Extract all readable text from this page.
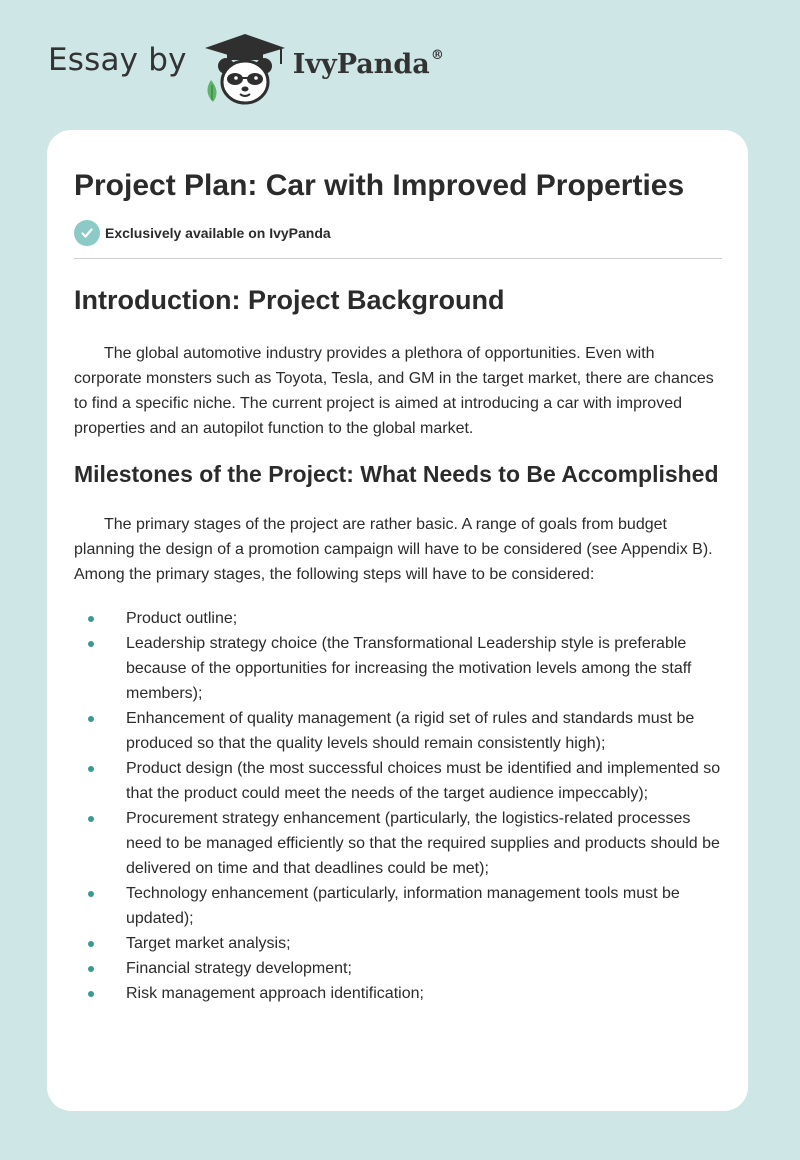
Essay by	IvyPanda®
Project Plan: Car with Improved Properties
Exclusively available on IvyPanda
Introduction: Project Background

The global automotive industry provides a plethora of opportunities. Even with corporate monsters such as Toyota, Tesla, and GM in the target market, there are chances to find a specific niche. The current project is aimed at introducing a car with improved properties and an autopilot function to the global market.

Milestones of the Project: What Needs to Be Accomplished

The primary stages of the project are rather basic. A range of goals from budget planning the design of a promotion campaign will have to be considered (see Appendix B). Among the primary stages, the following steps will have to be considered:

Product outline;
Leadership strategy choice (the Transformational Leadership style is preferable because of the opportunities for increasing the motivation levels among the staff members);
Enhancement of quality management (a rigid set of rules and standards must be produced so that the quality levels should remain consistently high);
Product design (the most successful choices must be identified and implemented so that the product could meet the needs of the target audience impeccably);
Procurement strategy enhancement (particularly, the logistics-related processes need to be managed efficiently so that the required supplies and products should be delivered on time and that deadlines could be met);
Technology enhancement (particularly, information management tools must be updated);
Target market analysis;
Financial strategy development;
Risk management approach identification;
